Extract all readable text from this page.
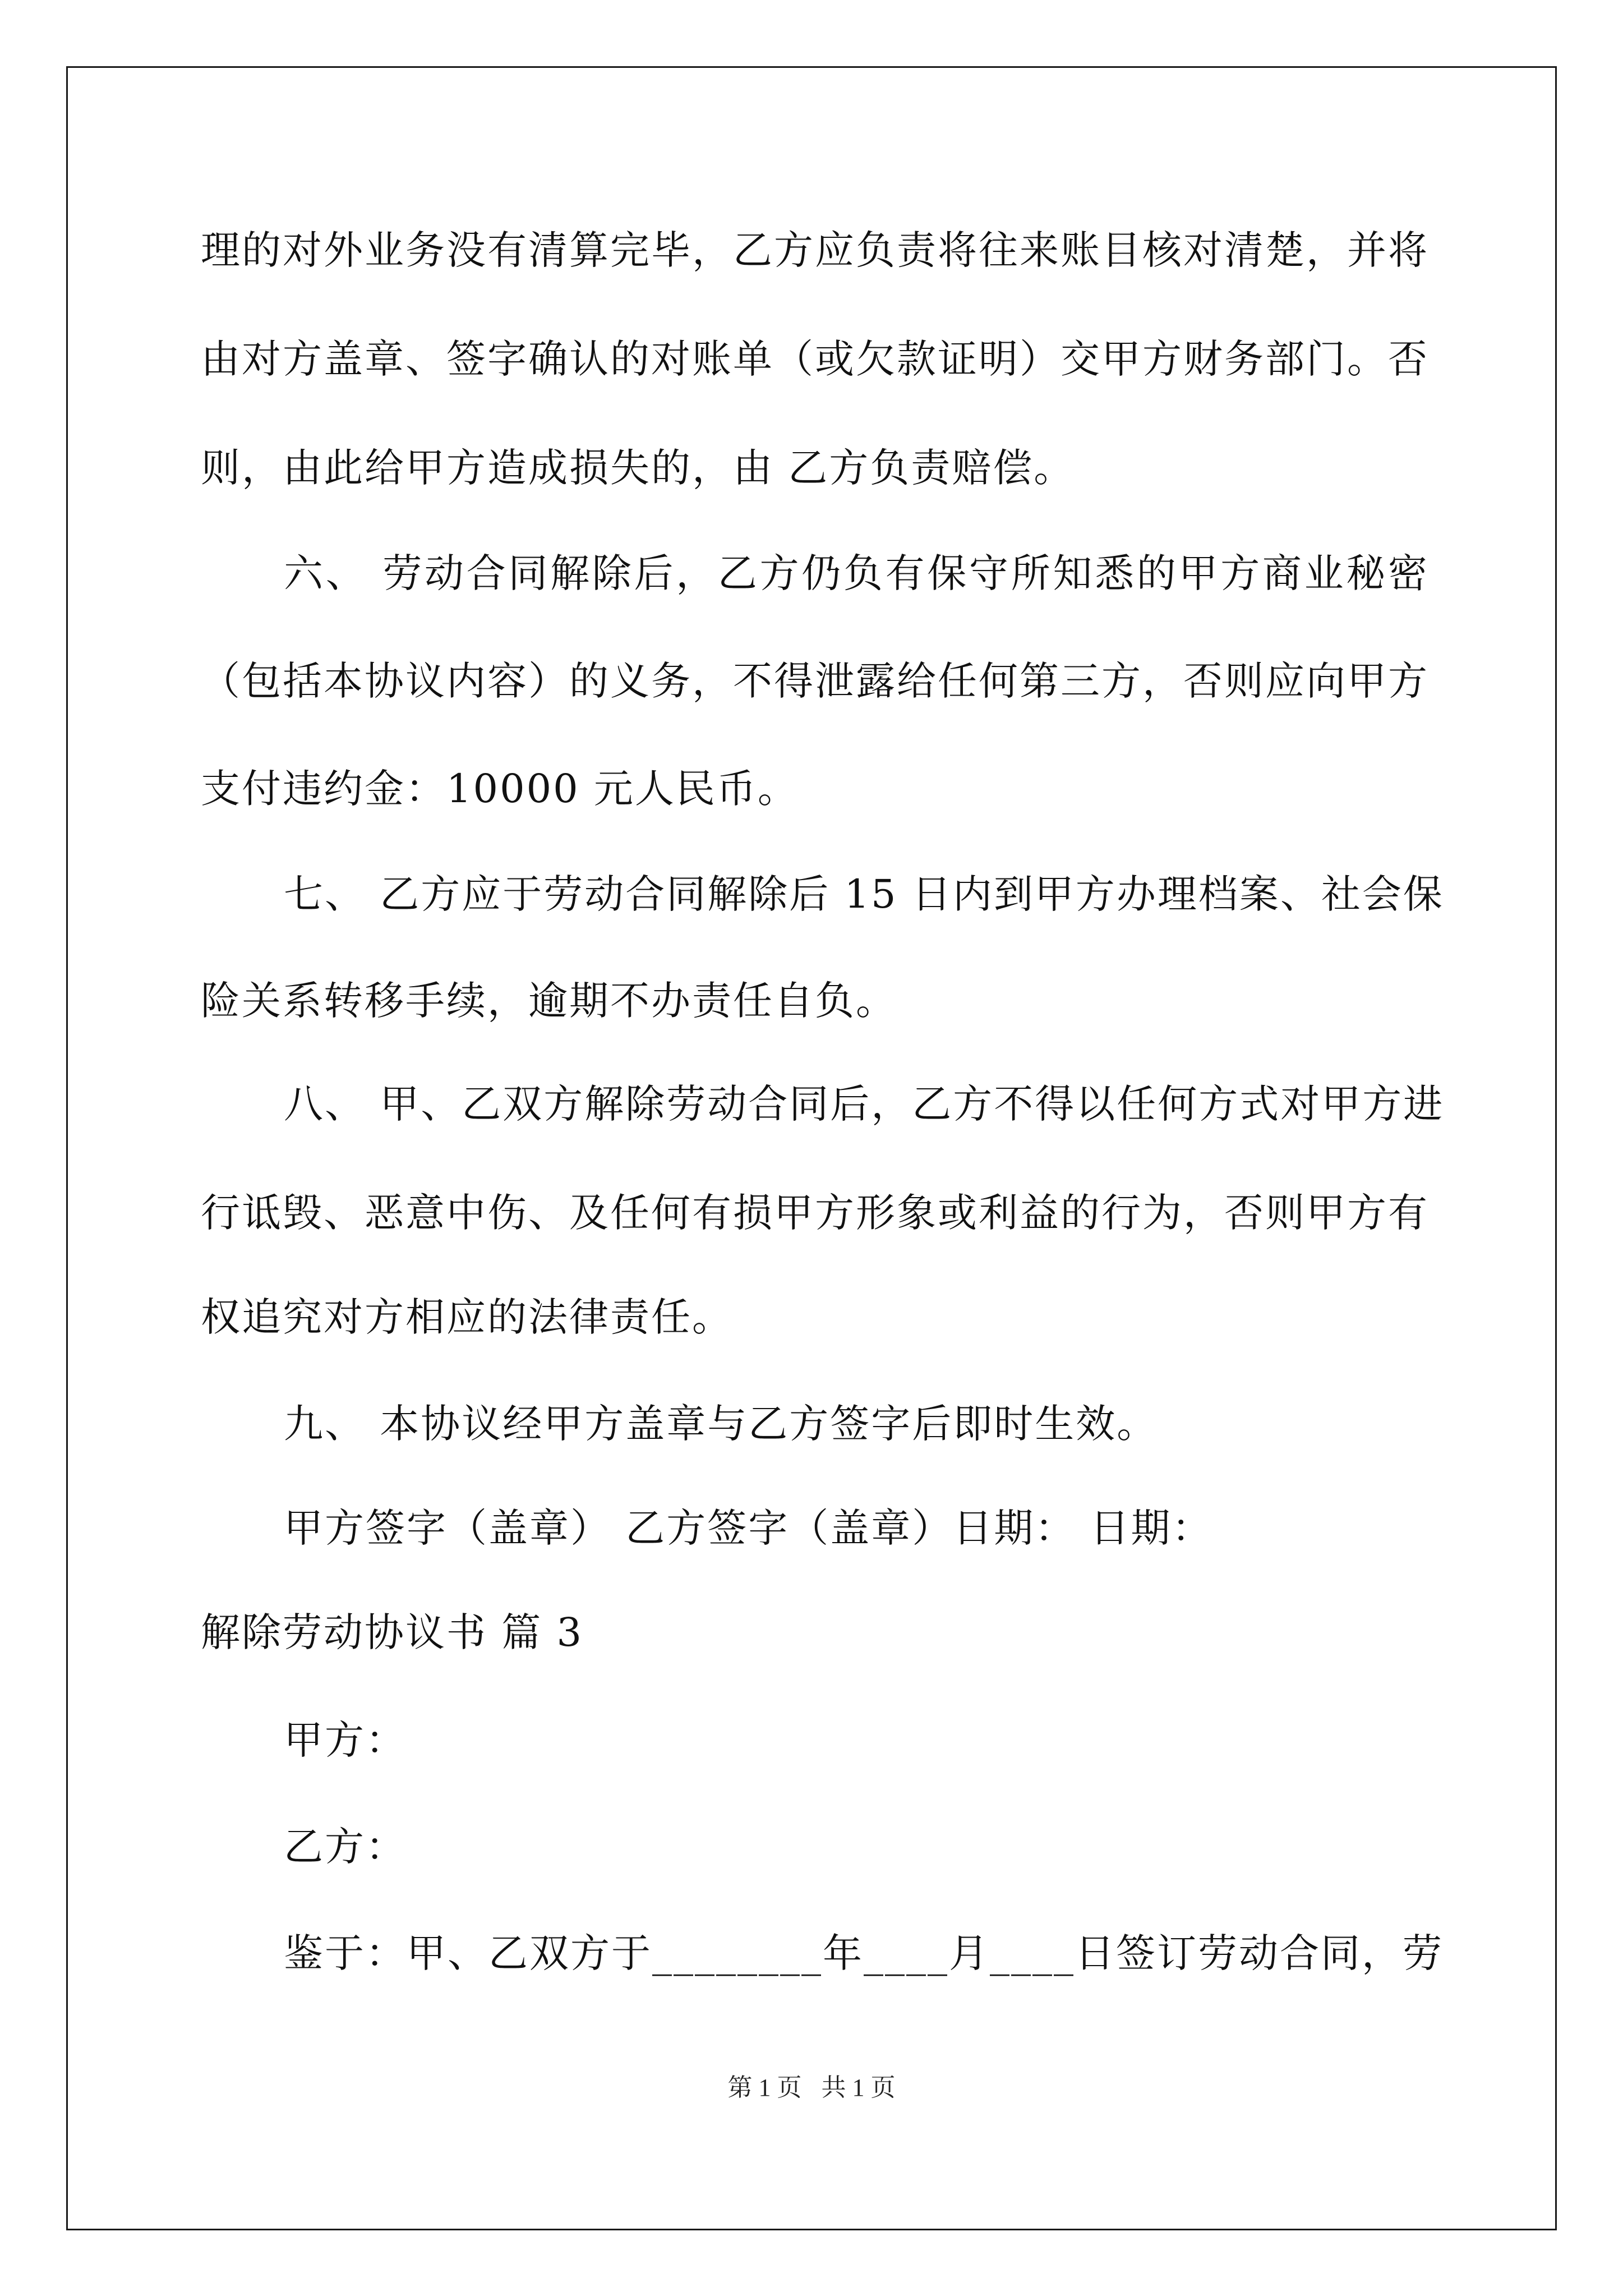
理的对外业务没有清算完毕，乙方应负责将往来账目核对清楚，并将
由对方盖章、签字确认的对账单（或欠款证明）交甲方财务部门。否
则，由此给甲方造成损失的，由 乙方负责赔偿。
六、 劳动合同解除后，乙方仍负有保守所知悉的甲方商业秘密
（包括本协议内容）的义务，不得泄露给任何第三方，否则应向甲方
支付违约金：10000 元人民币。
七、 乙方应于劳动合同解除后 15 日内到甲方办理档案、社会保
险关系转移手续，逾期不办责任自负。
八、 甲、乙双方解除劳动合同后，乙方不得以任何方式对甲方进
行诋毁、恶意中伤、及任何有损甲方形象或利益的行为，否则甲方有
权追究对方相应的法律责任。
九、 本协议经甲方盖章与乙方签字后即时生效。
甲方签字（盖章） 乙方签字（盖章）日期： 日期：
解除劳动协议书 篇 3
甲方：
乙方：
鉴于：甲、乙双方于________年____月____日签订劳动合同，劳
第 1 页 共 1 页
